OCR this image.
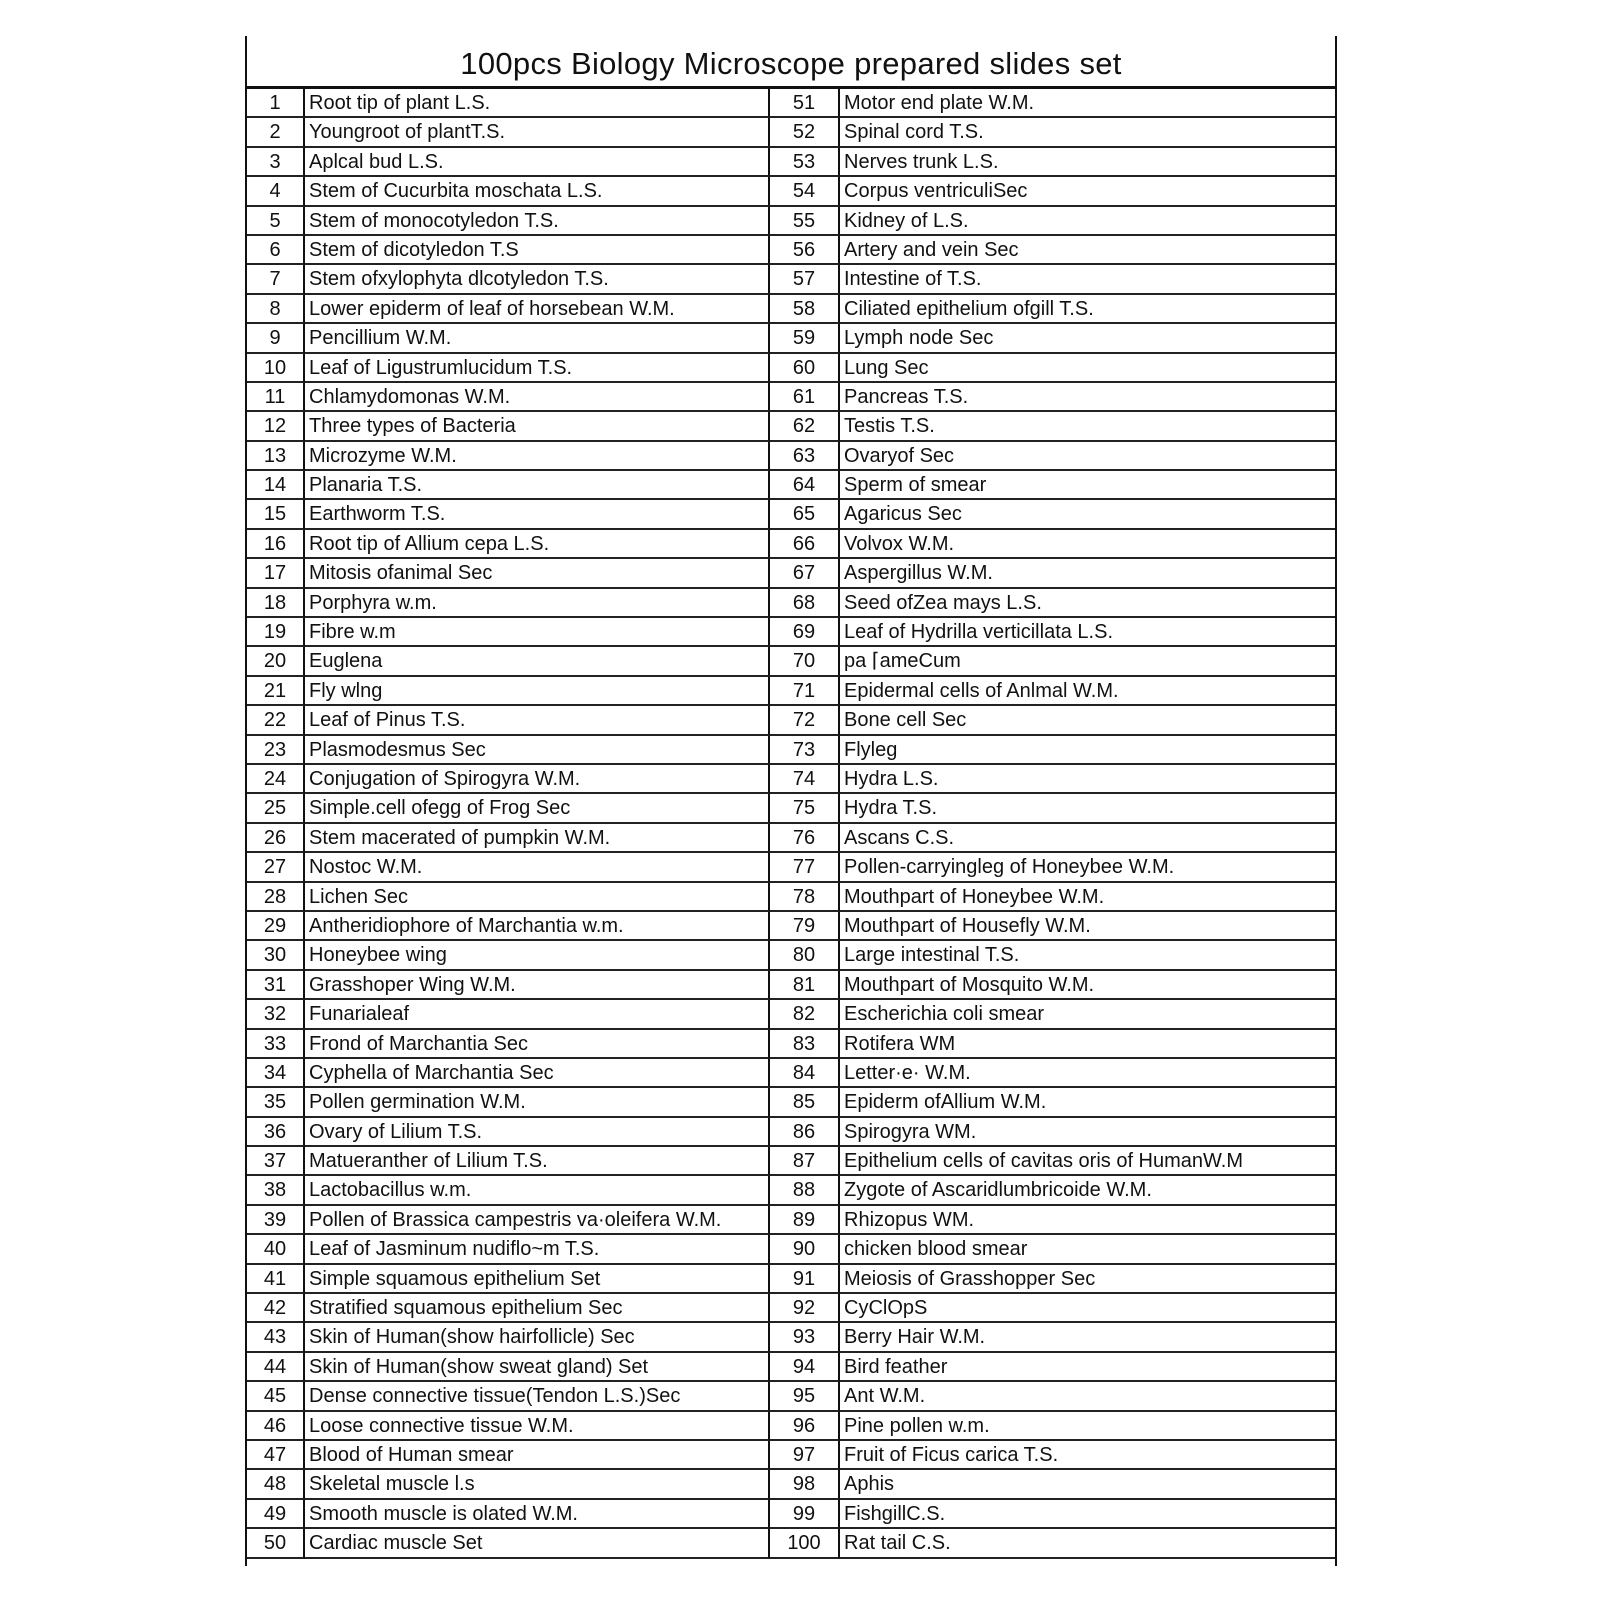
100pcs Biology Microscope prepared slides set
1	Root tip of plant L.S.	51	Motor end plate W.M.
2	Youngroot of plantT.S.	52	Spinal cord T.S.
3	Aplcal bud L.S.	53	Nerves trunk L.S.
4	Stem of Cucurbita moschata L.S.	54	Corpus ventriculiSec
5	Stem of monocotyledon T.S.	55	Kidney of L.S.
6	Stem of dicotyledon T.S	56	Artery and vein Sec
7	Stem ofxylophyta dlcotyledon T.S.	57	Intestine of T.S.
8	Lower epiderm of leaf of horsebean W.M.	58	Ciliated epithelium ofgill T.S.
9	Pencillium W.M.	59	Lymph node Sec
10	Leaf of Ligustrumlucidum T.S.	60	Lung Sec
11	Chlamydomonas W.M.	61	Pancreas T.S.
12	Three types of Bacteria	62	Testis T.S.
13	Microzyme W.M.	63	Ovaryof Sec
14	Planaria T.S.	64	Sperm of smear
15	Earthworm T.S.	65	Agaricus Sec
16	Root tip of Allium cepa L.S.	66	Volvox W.M.
17	Mitosis ofanimal Sec	67	Aspergillus W.M.
18	Porphyra w.m.	68	Seed ofZea mays L.S.
19	Fibre w.m	69	Leaf of Hydrilla verticillata L.S.
20	Euglena	70	pa ⌈ameCum
21	Fly wlng	71	Epidermal cells of Anlmal W.M.
22	Leaf of Pinus T.S.	72	Bone cell Sec
23	Plasmodesmus Sec	73	Flyleg
24	Conjugation of Spirogyra W.M.	74	Hydra L.S.
25	Simple.cell ofegg of Frog Sec	75	Hydra T.S.
26	Stem macerated of pumpkin W.M.	76	Ascans C.S.
27	Nostoc W.M.	77	Pollen-carryingleg of Honeybee W.M.
28	Lichen Sec	78	Mouthpart of Honeybee W.M.
29	Antheridiophore of Marchantia w.m.	79	Mouthpart of Housefly W.M.
30	Honeybee wing	80	Large intestinal T.S.
31	Grasshoper Wing W.M.	81	Mouthpart of Mosquito W.M.
32	Funarialeaf	82	Escherichia coli smear
33	Frond of Marchantia Sec	83	Rotifera WM
34	Cyphella of Marchantia Sec	84	Letter·e· W.M.
35	Pollen germination W.M.	85	Epiderm ofAllium W.M.
36	Ovary of Lilium T.S.	86	Spirogyra WM.
37	Matueranther of Lilium T.S.	87	Epithelium cells of cavitas oris of HumanW.M
38	Lactobacillus w.m.	88	Zygote of Ascaridlumbricoide W.M.
39	Pollen of Brassica campestris va·oleifera W.M.	89	Rhizopus WM.
40	Leaf of Jasminum nudiflo~m T.S.	90	chicken blood smear
41	Simple squamous epithelium Set	91	Meiosis of Grasshopper Sec
42	Stratified squamous epithelium Sec	92	CyClOpS
43	Skin of Human(show hairfollicle) Sec	93	Berry Hair W.M.
44	Skin of Human(show sweat gland) Set	94	Bird feather
45	Dense connective tissue(Tendon L.S.)Sec	95	Ant W.M.
46	Loose connective tissue W.M.	96	Pine pollen w.m.
47	Blood of Human smear	97	Fruit of Ficus carica T.S.
48	Skeletal muscle l.s	98	Aphis
49	Smooth muscle is olated W.M.	99	FishgillC.S.
50	Cardiac muscle Set	100	Rat tail C.S.
